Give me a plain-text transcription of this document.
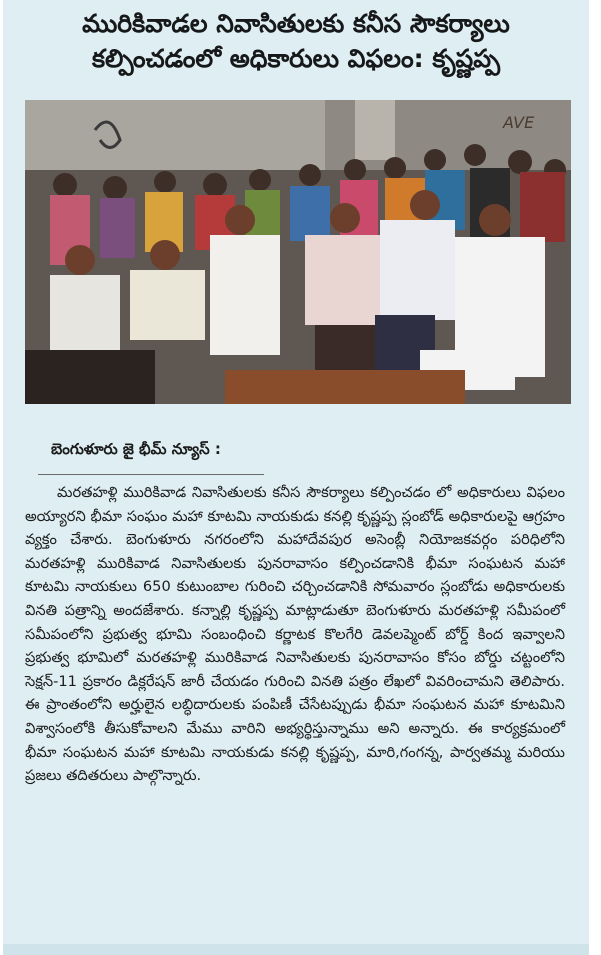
మురికివాడల నివాసితులకు కనీస సౌకర్యాలు
కల్పించడంలో అధికారులు విఫలం: కృష్ణప్ప
AVE
బెంగుళూరు జై భీమ్ న్యూస్ :
మరతహళ్లి మురికివాడ నివాసితులకు కనీస సౌకర్యాలు కల్పించడం లో అధికారులు విఫలం అయ్యారని భీమా సంఘం మహా కూటమి నాయకుడు కనల్లి కృష్ణప్ప స్లంబోడ్ అధికారులపై ఆగ్రహం వ్యక్తం చేశారు. బెంగుళూరు నగరంలోని మహాదేవపుర అసెంబ్లీ నియోజకవర్గం పరిధిలోని మరతహళ్లి మురికివాడ నివాసితులకు పునరావాసం కల్పించడానికి భీమా సంఘటన మహా కూటమి నాయకులు 650 కుటుంబాల గురించి చర్చించడానికి సోమవారం స్లంబోడు అధికారులకు వినతి పత్రాన్ని అందజేశారు. కన్నాల్లి కృష్ణప్ప మాట్లాడుతూ బెంగుళూరు మరతహళ్లి సమీపంలో సమీపంలోని ప్రభుత్వ భూమి సంబంధించి కర్ణాటక కొలగేరి డెవలప్మెంట్ బోర్డ్ కింద ఇవ్వాలని ప్రభుత్వ భూమిలో మరతహళ్లి మురికివాడ నివాసితులకు పునరావాసం కోసం బోర్డు చట్టంలోని సెక్షన్-11 ప్రకారం డిక్లరేషన్ జారీ చేయడం గురించి వినతి పత్రం లేఖలో వివరించామని తెలిపారు. ఈ ప్రాంతంలోని అర్హులైన లబ్ధిదారులకు పంపిణీ చేసేటప్పుడు భీమా సంఘటన మహా కూటమిని విశ్వాసంలోకి తీసుకోవాలని మేము వారిని అభ్యర్థిస్తున్నాము అని అన్నారు. ఈ కార్యక్రమంలో భీమా సంఘటన మహా కూటమి నాయకుడు కనల్లి కృష్ణప్ప, మారి,గంగన్న, పార్వతమ్మ మరియు ప్రజలు తదితరులు పాల్గొన్నారు.
